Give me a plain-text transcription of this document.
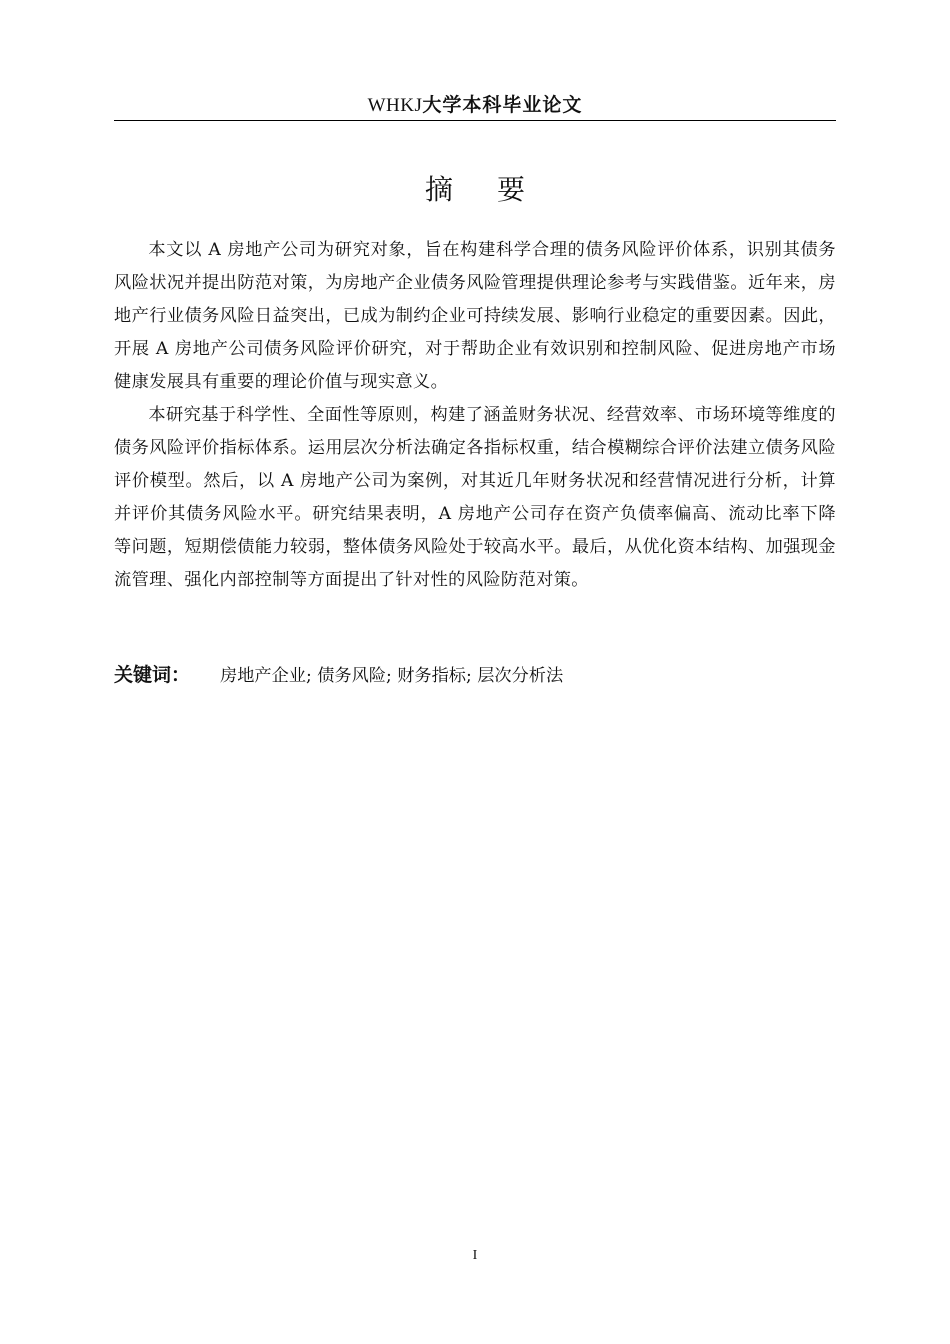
WHKJ大学本科毕业论文
摘要

本文以 A 房地产公司为研究对象，旨在构建科学合理的债务风险评价体系，识别其债务风险状况并提出防范对策，为房地产企业债务风险管理提供理论参考与实践借鉴。近年来，房地产行业债务风险日益突出，已成为制约企业可持续发展、影响行业稳定的重要因素。因此，开展 A 房地产公司债务风险评价研究，对于帮助企业有效识别和控制风险、促进房地产市场健康发展具有重要的理论价值与现实意义。

本研究基于科学性、全面性等原则，构建了涵盖财务状况、经营效率、市场环境等维度的债务风险评价指标体系。运用层次分析法确定各指标权重，结合模糊综合评价法建立债务风险评价模型。然后，以 A 房地产公司为案例，对其近几年财务状况和经营情况进行分析，计算并评价其债务风险水平。研究结果表明，A 房地产公司存在资产负债率偏高、流动比率下降等问题，短期偿债能力较弱，整体债务风险处于较高水平。最后，从优化资本结构、加强现金流管理、强化内部控制等方面提出了针对性的风险防范对策。

关键词： 房地产企业; 债务风险; 财务指标; 层次分析法
I
